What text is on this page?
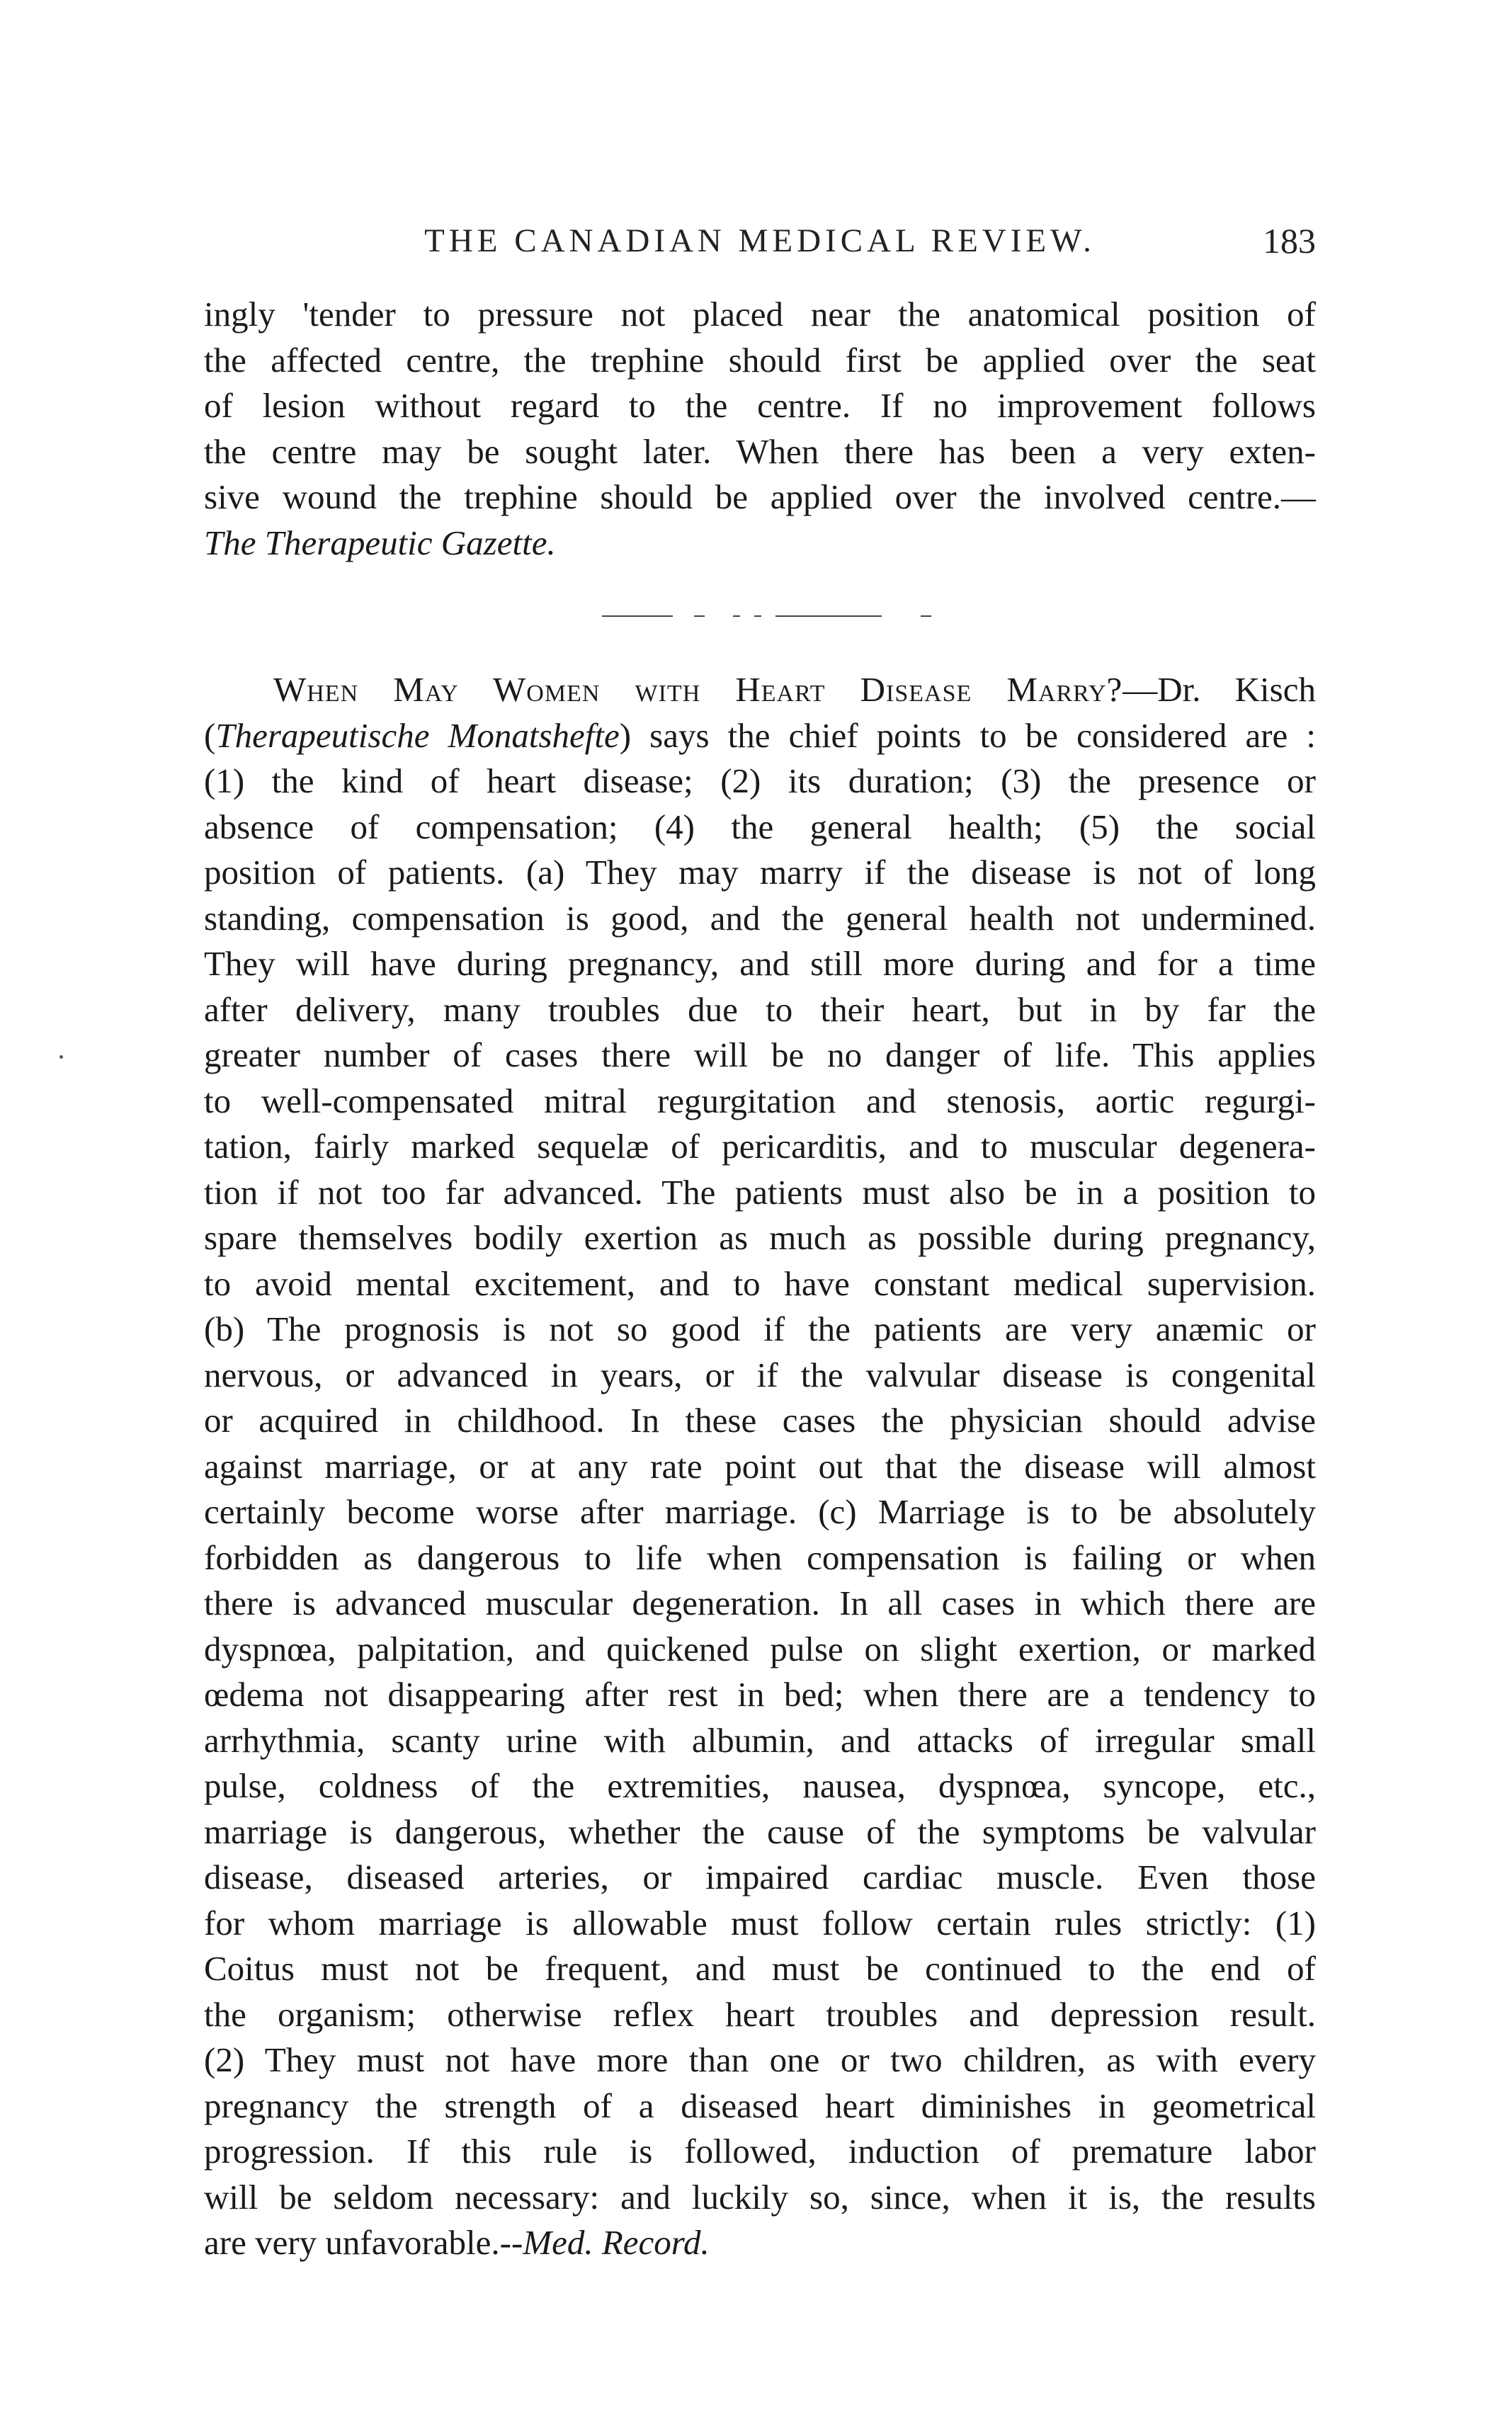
THE CANADIAN MEDICAL REVIEW.	183
ingly 'tender to pressure not placed near the anatomical position of
the affected centre, the trephine should first be applied over the seat
of lesion without regard to the centre. If no improvement follows
the centre may be sought later. When there has been a very exten-
sive wound the trephine should be applied over the involved centre.—
The Therapeutic Gazette.
  When May Women with Heart Disease Marry?—Dr. Kisch
(Therapeutische Monatshefte) says the chief points to be considered are :
(1) the kind of heart disease; (2) its duration; (3) the presence or
absence of compensation; (4) the general health; (5) the social
position of patients. (a) They may marry if the disease is not of long
standing, compensation is good, and the general health not undermined.
They will have during pregnancy, and still more during and for a time
after delivery, many troubles due to their heart, but in by far the
greater number of cases there will be no danger of life. This applies
to well-compensated mitral regurgitation and stenosis, aortic regurgi-
tation, fairly marked sequelæ of pericarditis, and to muscular degenera-
tion if not too far advanced. The patients must also be in a position to
spare themselves bodily exertion as much as possible during pregnancy,
to avoid mental excitement, and to have constant medical supervision.
(b) The prognosis is not so good if the patients are very anæmic or
nervous, or advanced in years, or if the valvular disease is congenital
or acquired in childhood. In these cases the physician should advise
against marriage, or at any rate point out that the disease will almost
certainly become worse after marriage. (c) Marriage is to be absolutely
forbidden as dangerous to life when compensation is failing or when
there is advanced muscular degeneration. In all cases in which there are
dyspnœa, palpitation, and quickened pulse on slight exertion, or marked
œdema not disappearing after rest in bed; when there are a tendency to
arrhythmia, scanty urine with albumin, and attacks of irregular small
pulse, coldness of the extremities, nausea, dyspnœa, syncope, etc.,
marriage is dangerous, whether the cause of the symptoms be valvular
disease, diseased arteries, or impaired cardiac muscle. Even those
for whom marriage is allowable must follow certain rules strictly: (1)
Coitus must not be frequent, and must be continued to the end of
the organism; otherwise reflex heart troubles and depression result.
(2) They must not have more than one or two children, as with every
pregnancy the strength of a diseased heart diminishes in geometrical
progression. If this rule is followed, induction of premature labor
will be seldom necessary: and luckily so, since, when it is, the results
are very unfavorable.--Med. Record.
